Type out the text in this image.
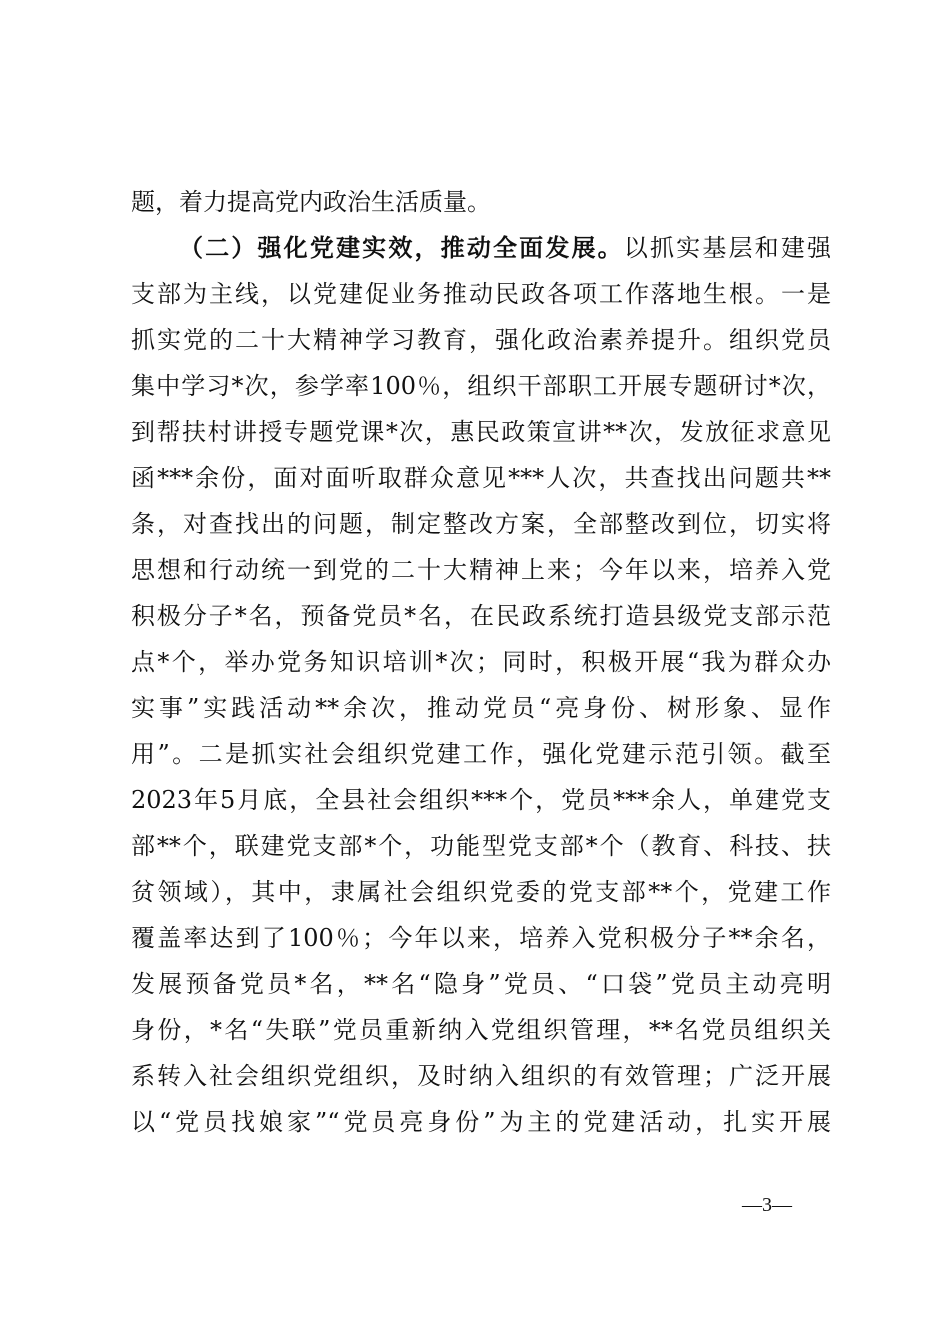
题，着力提高党内政治生活质量。
（二）强化党建实效，推动全面发展。以抓实基层和建强
支部为主线，以党建促业务推动民政各项工作落地生根。一是
抓实党的二十大精神学习教育，强化政治素养提升。组织党员
集中学习*次，参学率100％，组织干部职工开展专题研讨*次，
到帮扶村讲授专题党课*次，惠民政策宣讲**次，发放征求意见
函***余份，面对面听取群众意见***人次，共查找出问题共**
条，对查找出的问题，制定整改方案，全部整改到位，切实将
思想和行动统一到党的二十大精神上来；今年以来，培养入党
积极分子*名，预备党员*名，在民政系统打造县级党支部示范
点*个，举办党务知识培训*次；同时，积极开展“我为群众办
实事”实践活动**余次，推动党员“亮身份、树形象、显作
用”。二是抓实社会组织党建工作，强化党建示范引领。截至
2023年5月底，全县社会组织***个，党员***余人，单建党支
部**个，联建党支部*个，功能型党支部*个（教育、科技、扶
贫领域），其中，隶属社会组织党委的党支部**个，党建工作
覆盖率达到了100％；今年以来，培养入党积极分子**余名，
发展预备党员*名，**名“隐身”党员、“口袋”党员主动亮明
身份，*名“失联”党员重新纳入党组织管理，**名党员组织关
系转入社会组织党组织，及时纳入组织的有效管理；广泛开展
以“党员找娘家”“党员亮身份”为主的党建活动，扎实开展
—3—
